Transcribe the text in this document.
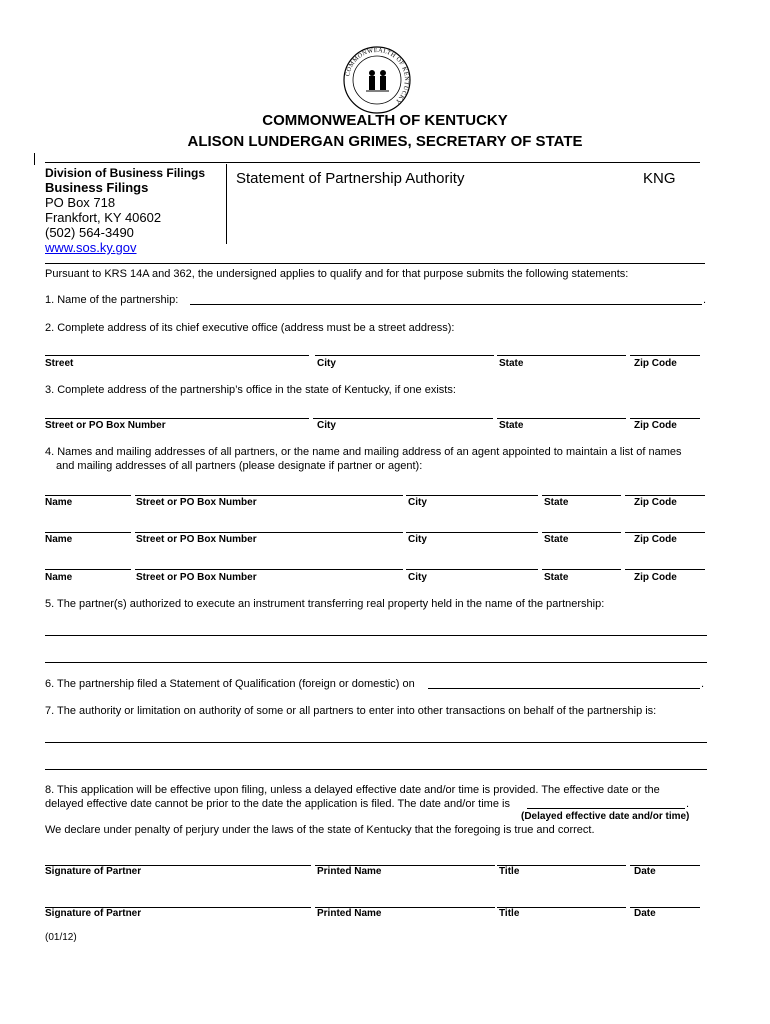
COMMONWEALTH OF KENTUCKY
COMMONWEALTH OF KENTUCKY
ALISON LUNDERGAN GRIMES, SECRETARY OF STATE
Division of Business Filings
Business Filings
PO Box 718
Frankfort, KY 40602
(502) 564-3490
www.sos.ky.gov
Statement of Partnership Authority	KNG
Pursuant to KRS 14A and 362, the undersigned applies to qualify and for that purpose submits the following statements:
1. Name of the partnership:	.
2. Complete address of its chief executive office (address must be a street address):
Street	City	State	Zip Code
3. Complete address of the partnership’s office in the state of Kentucky, if one exists:
Street or PO Box Number	City	State	Zip Code
4. Names and mailing addresses of all partners, or the name and mailing address of an agent appointed to maintain a list of names
and mailing addresses of all partners (please designate if partner or agent):
Name	Street or PO Box Number	City	State	Zip Code
Name	Street or PO Box Number	City	State	Zip Code
Name	Street or PO Box Number	City	State	Zip Code
5. The partner(s) authorized to execute an instrument transferring real property held in the name of the partnership:
6. The partnership filed a Statement of Qualification (foreign or domestic) on	.
7. The authority or limitation on authority of some or all partners to enter into other transactions on behalf of the partnership is:
8. This application will be effective upon filing, unless a delayed effective date and/or time is provided. The effective date or the
delayed effective date cannot be prior to the date the application is filed. The date and/or time is	.
(Delayed effective date and/or time)
We declare under penalty of perjury under the laws of the state of Kentucky that the foregoing is true and correct.
Signature of Partner	Printed Name	Title	Date
Signature of Partner	Printed Name	Title	Date
(01/12)
